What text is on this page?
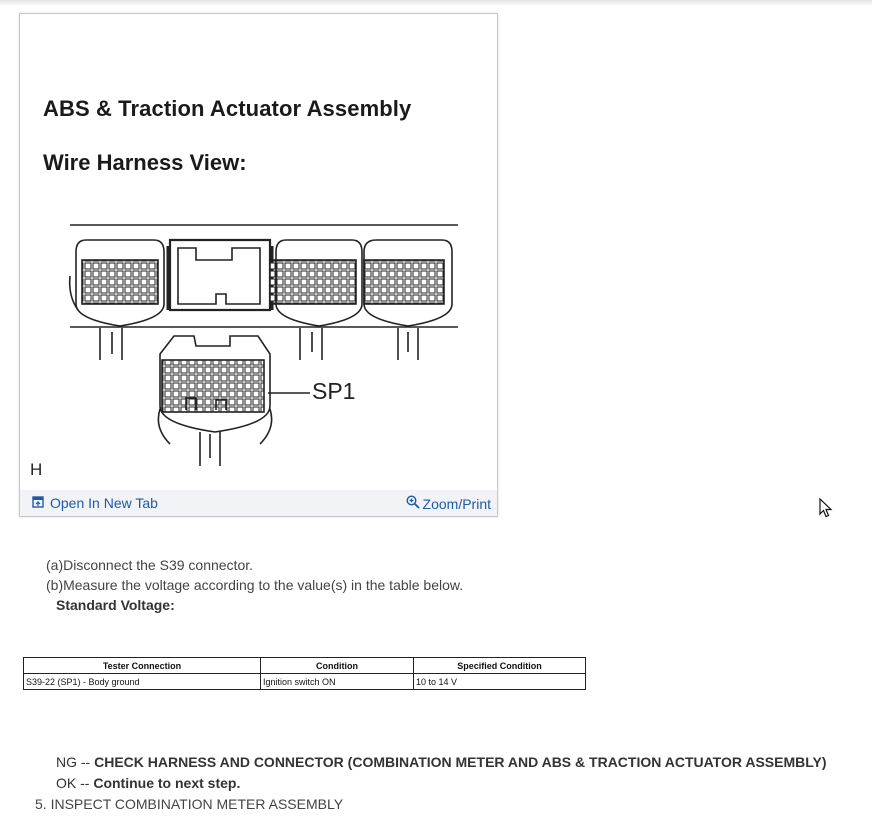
ABS & Traction Actuator Assembly
Wire Harness View:
SP1
H
Open In New Tab	Zoom/Print
(a)Disconnect the S39 connector.
(b)Measure the voltage according to the value(s) in the table below.
Standard Voltage:
Tester Connection	Condition	Specified Condition
S39-22 (SP1) - Body ground	Ignition switch ON	10 to 14 V
NG -- CHECK HARNESS AND CONNECTOR (COMBINATION METER AND ABS & TRACTION ACTUATOR ASSEMBLY)
OK -- Continue to next step.
5. INSPECT COMBINATION METER ASSEMBLY
